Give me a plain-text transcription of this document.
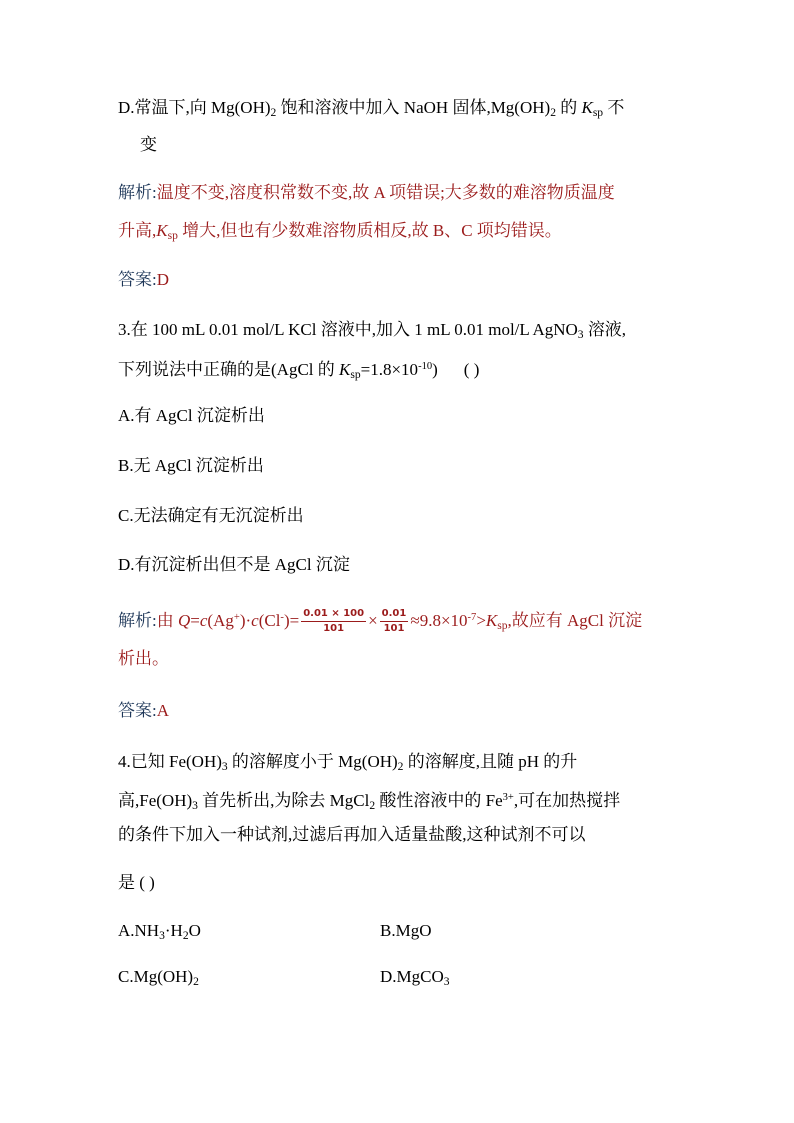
D.常温下,向 $Mg(OH)_2$ 饱和溶液中加入 NaOH 固体$,Mg(OH)_2$ 的 $K_{sp}$ 不
变
解析:温度不变,溶度积常数不变,故 A 项错误;大多数的难溶物质温度
升高$,K_{sp}$ 增大,但也有少数难溶物质相反,故 B、C 项均错误。
答案:D
3.在 100 mL 0.01 mol/L KCl 溶液中,加入 1 mL 0.01 mol/L AgNO$_3$ 溶液,
下列说法中正确的是(AgCl 的 $K_{sp}=1.8\times 10^{-10}$) ( )
A.有 AgCl 沉淀析出
B.无 AgCl 沉淀析出
C.无法确定有无沉淀析出
D.有沉淀析出但不是 AgCl 沉淀
解析:由 $Q=c(Ag^+)\cdot c(Cl^-)= \frac{0.01 \times 100}{101} \times \frac{0.01}{101} \approx 9.8\times 10^{-7}>K_{sp}$,故应有 AgCl 沉淀
析出。
答案:A
4.已知 $Fe(OH)_3$ 的溶解度小于 $Mg(OH)_2$ 的溶解度,且随 pH 的升
高$,Fe(OH)_3$ 首先析出,为除去 MgCl$_2$ 酸性溶液中的 $Fe^{3+}$,可在加热搅拌
的条件下加入一种试剂,过滤后再加入适量盐酸,这种试剂不可以
是 ( )
$A.NH_3\cdot H_2O$	B.MgO
$C.Mg(OH)_2$	D.MgCO$_3$
